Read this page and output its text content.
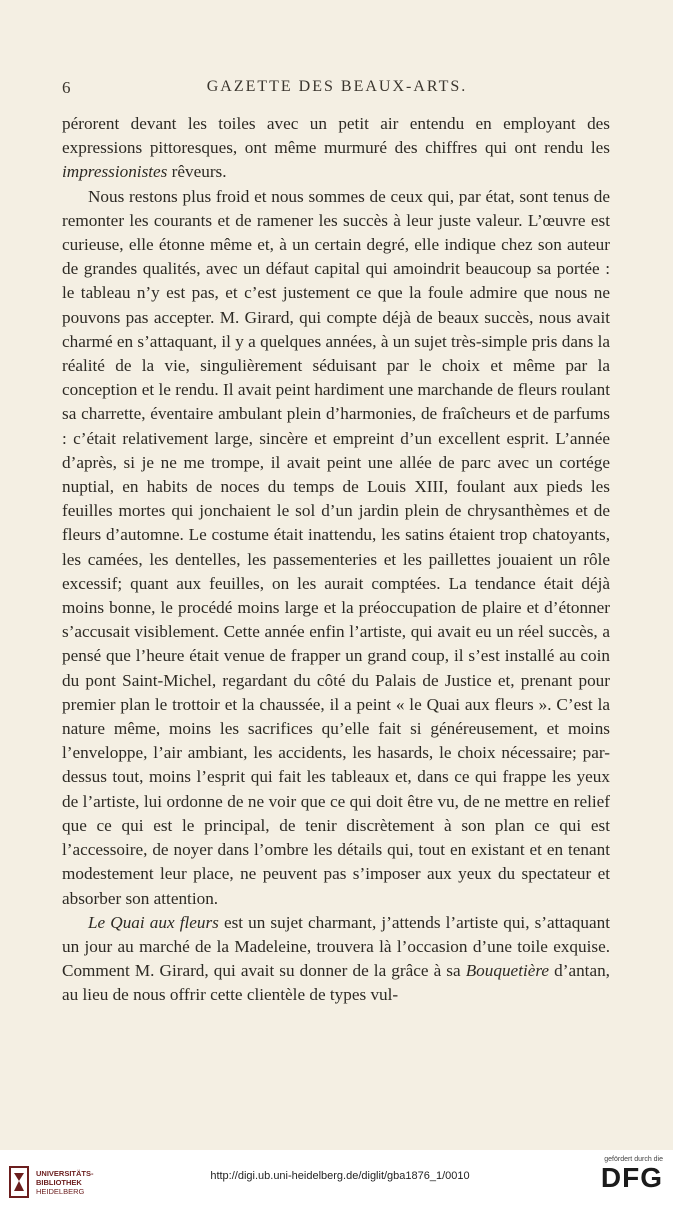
6	GAZETTE DES BEAUX-ARTS.

pérorent devant les toiles avec un petit air entendu en employant des expressions pittoresques, ont même murmuré des chiffres qui ont rendu les impressionistes rêveurs.

Nous restons plus froid et nous sommes de ceux qui, par état, sont tenus de remonter les courants et de ramener les succès à leur juste valeur. L’œuvre est curieuse, elle étonne même et, à un certain degré, elle indique chez son auteur de grandes qualités, avec un défaut capital qui amoindrit beaucoup sa portée : le tableau n’y est pas, et c’est justement ce que la foule admire que nous ne pouvons pas accepter. M. Girard, qui compte déjà de beaux succès, nous avait charmé en s’attaquant, il y a quelques années, à un sujet très-simple pris dans la réalité de la vie, singulièrement séduisant par le choix et même par la conception et le rendu. Il avait peint hardiment une marchande de fleurs roulant sa charrette, éventaire ambulant plein d’harmonies, de fraîcheurs et de parfums : c’était relativement large, sincère et empreint d’un excellent esprit. L’année d’après, si je ne me trompe, il avait peint une allée de parc avec un cortége nuptial, en habits de noces du temps de Louis XIII, foulant aux pieds les feuilles mortes qui jonchaient le sol d’un jardin plein de chrysanthèmes et de fleurs d’automne. Le costume était inattendu, les satins étaient trop chatoyants, les camées, les dentelles, les passementeries et les paillettes jouaient un rôle excessif; quant aux feuilles, on les aurait comptées. La tendance était déjà moins bonne, le procédé moins large et la préoccupation de plaire et d’étonner s’accusait visiblement. Cette année enfin l’artiste, qui avait eu un réel succès, a pensé que l’heure était venue de frapper un grand coup, il s’est installé au coin du pont Saint-Michel, regardant du côté du Palais de Justice et, prenant pour premier plan le trottoir et la chaussée, il a peint « le Quai aux fleurs ». C’est la nature même, moins les sacrifices qu’elle fait si généreusement, et moins l’enveloppe, l’air ambiant, les accidents, les hasards, le choix nécessaire; par-dessus tout, moins l’esprit qui fait les tableaux et, dans ce qui frappe les yeux de l’artiste, lui ordonne de ne voir que ce qui doit être vu, de ne mettre en relief que ce qui est le principal, de tenir discrètement à son plan ce qui est l’accessoire, de noyer dans l’ombre les détails qui, tout en existant et en tenant modestement leur place, ne peuvent pas s’imposer aux yeux du spectateur et absorber son attention.

Le Quai aux fleurs est un sujet charmant, j’attends l’artiste qui, s’attaquant un jour au marché de la Madeleine, trouvera là l’occasion d’une toile exquise. Comment M. Girard, qui avait su donner de la grâce à sa Bouquetière d’antan, au lieu de nous offrir cette clientèle de types vul-

UNIVERSITÄTS-
BIBLIOTHEK
HEIDELBERG
http://digi.ub.uni-heidelberg.de/diglit/gba1876_1/0010
gefördert durch die
DFG
